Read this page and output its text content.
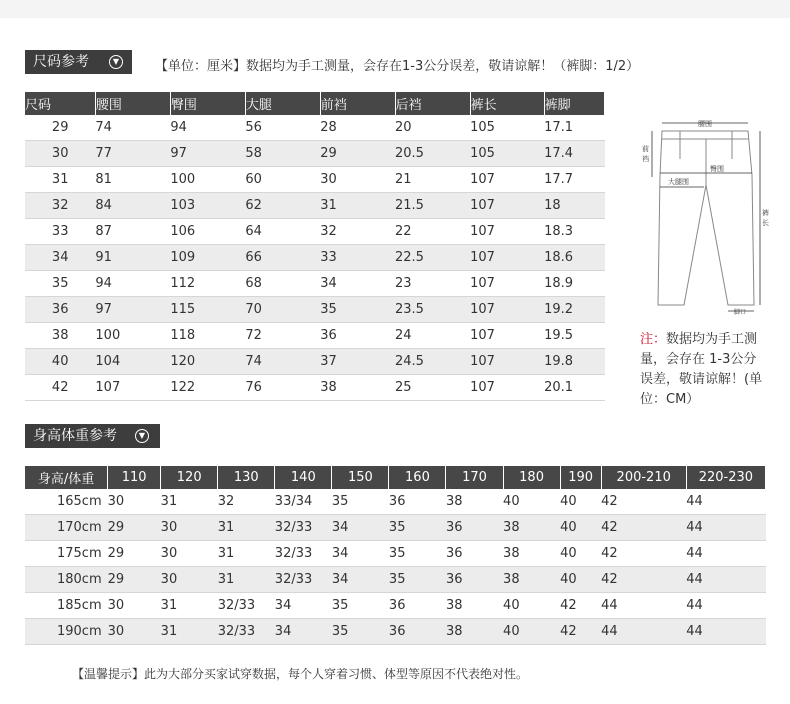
尺码参考	▼	【单位：厘米】数据均为手工测量，会存在1-3公分误差，敬请谅解！（裤脚：1/2）
尺码	腰围	臀围	大腿	前裆	后裆	裤长	裤脚
29	74	94	56	28	20	105	17.1
30	77	97	58	29	20.5	105	17.4
31	81	100	60	30	21	107	17.7
32	84	103	62	31	21.5	107	18
33	87	106	64	32	22	107	18.3
34	91	109	66	33	22.5	107	18.6
35	94	112	68	34	23	107	18.9
36	97	115	70	35	23.5	107	19.2
38	100	118	72	36	24	107	19.5
40	104	120	74	37	24.5	107	19.8
42	107	122	76	38	25	107	20.1
腰围
前
裆
臀围
大腿围
裤
长
脚口
注：数据均为手工测量，会存在 1-3公分误差，敬请谅解！(单位：CM）
身高体重参考	▼
身高/体重	110	120	130	140	150	160	170	180	190	200-210	220-230
165cm	30	31	32	33/34	35	36	38	40	40	42	44
170cm	29	30	31	32/33	34	35	36	38	40	42	44
175cm	29	30	31	32/33	34	35	36	38	40	42	44
180cm	29	30	31	32/33	34	35	36	38	40	42	44
185cm	30	31	32/33	34	35	36	38	40	42	44	44
190cm	30	31	32/33	34	35	36	38	40	42	44	44
【温馨提示】此为大部分买家试穿数据，每个人穿着习惯、体型等原因不代表绝对性。
